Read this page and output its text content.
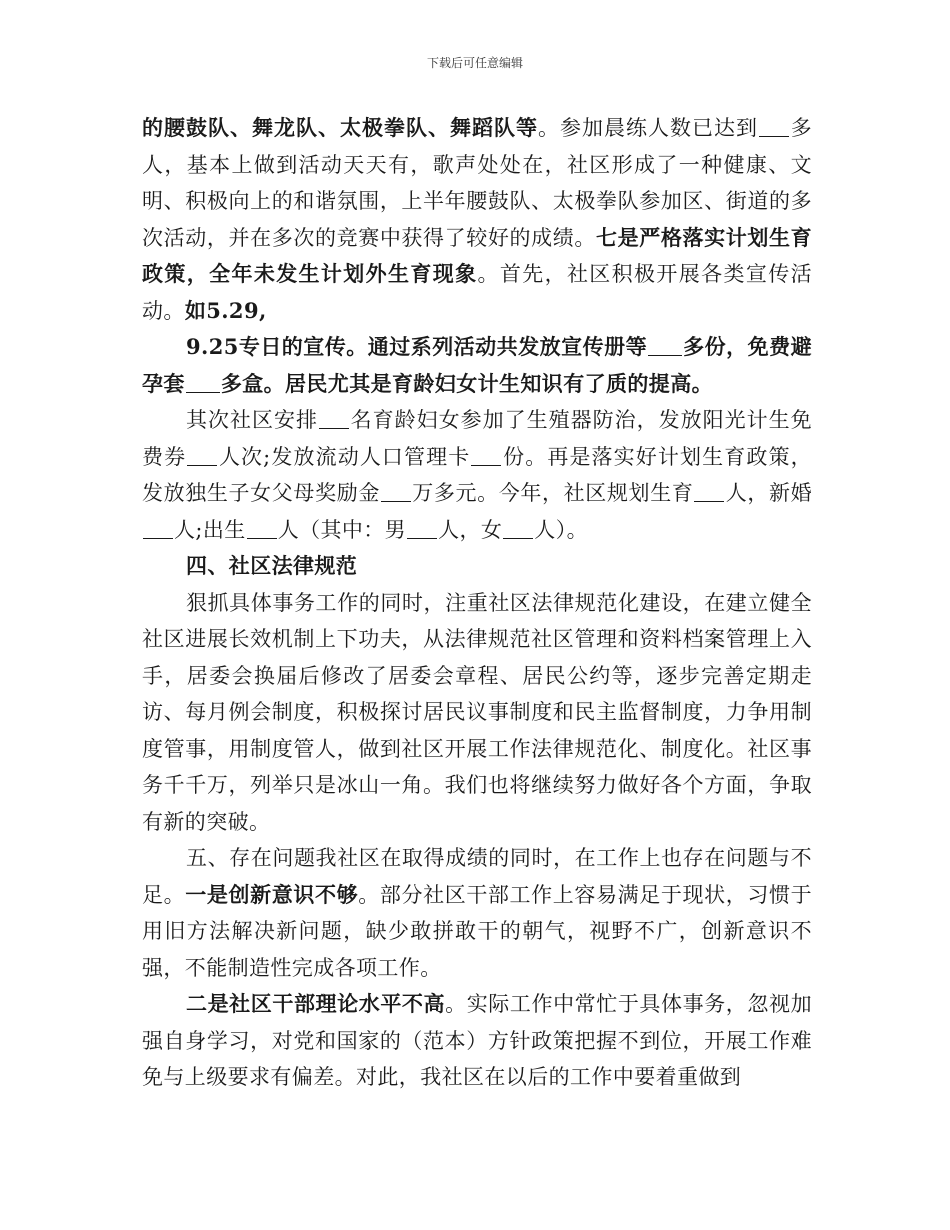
下载后可任意编辑

的腰鼓队、舞龙队、太极拳队、舞蹈队等。参加晨练人数已达到 多人，基本上做到活动天天有，歌声处处在，社区形成了一种健康、文明、积极向上的和谐氛围，上半年腰鼓队、太极拳队参加区、街道的多次活动，并在多次的竞赛中获得了较好的成绩。七是严格落实计划生育政策，全年未发生计划外生育现象。首先，社区积极开展各类宣传活动。如5.29,

9.25专日的宣传。通过系列活动共发放宣传册等 多份，免费避孕套 多盒。居民尤其是育龄妇女计生知识有了质的提高。

其次社区安排 名育龄妇女参加了生殖器防治，发放阳光计生免费券 人次;发放流动人口管理卡 份。再是落实好计划生育政策，发放独生子女父母奖励金 万多元。今年，社区规划生育 人，新婚人;出生 人（其中：男 人，女 人）。

四、社区法律规范

狠抓具体事务工作的同时，注重社区法律规范化建设，在建立健全社区进展长效机制上下功夫，从法律规范社区管理和资料档案管理上入手，居委会换届后修改了居委会章程、居民公约等，逐步完善定期走访、每月例会制度，积极探讨居民议事制度和民主监督制度，力争用制度管事，用制度管人，做到社区开展工作法律规范化、制度化。社区事务千千万，列举只是冰山一角。我们也将继续努力做好各个方面，争取有新的突破。

五、存在问题我社区在取得成绩的同时，在工作上也存在问题与不足。一是创新意识不够。部分社区干部工作上容易满足于现状，习惯于用旧方法解决新问题，缺少敢拼敢干的朝气，视野不广，创新意识不强，不能制造性完成各项工作。

二是社区干部理论水平不高。实际工作中常忙于具体事务，忽视加强自身学习，对党和国家的（范本）方针政策把握不到位，开展工作难免与上级要求有偏差。对此，我社区在以后的工作中要着重做到
